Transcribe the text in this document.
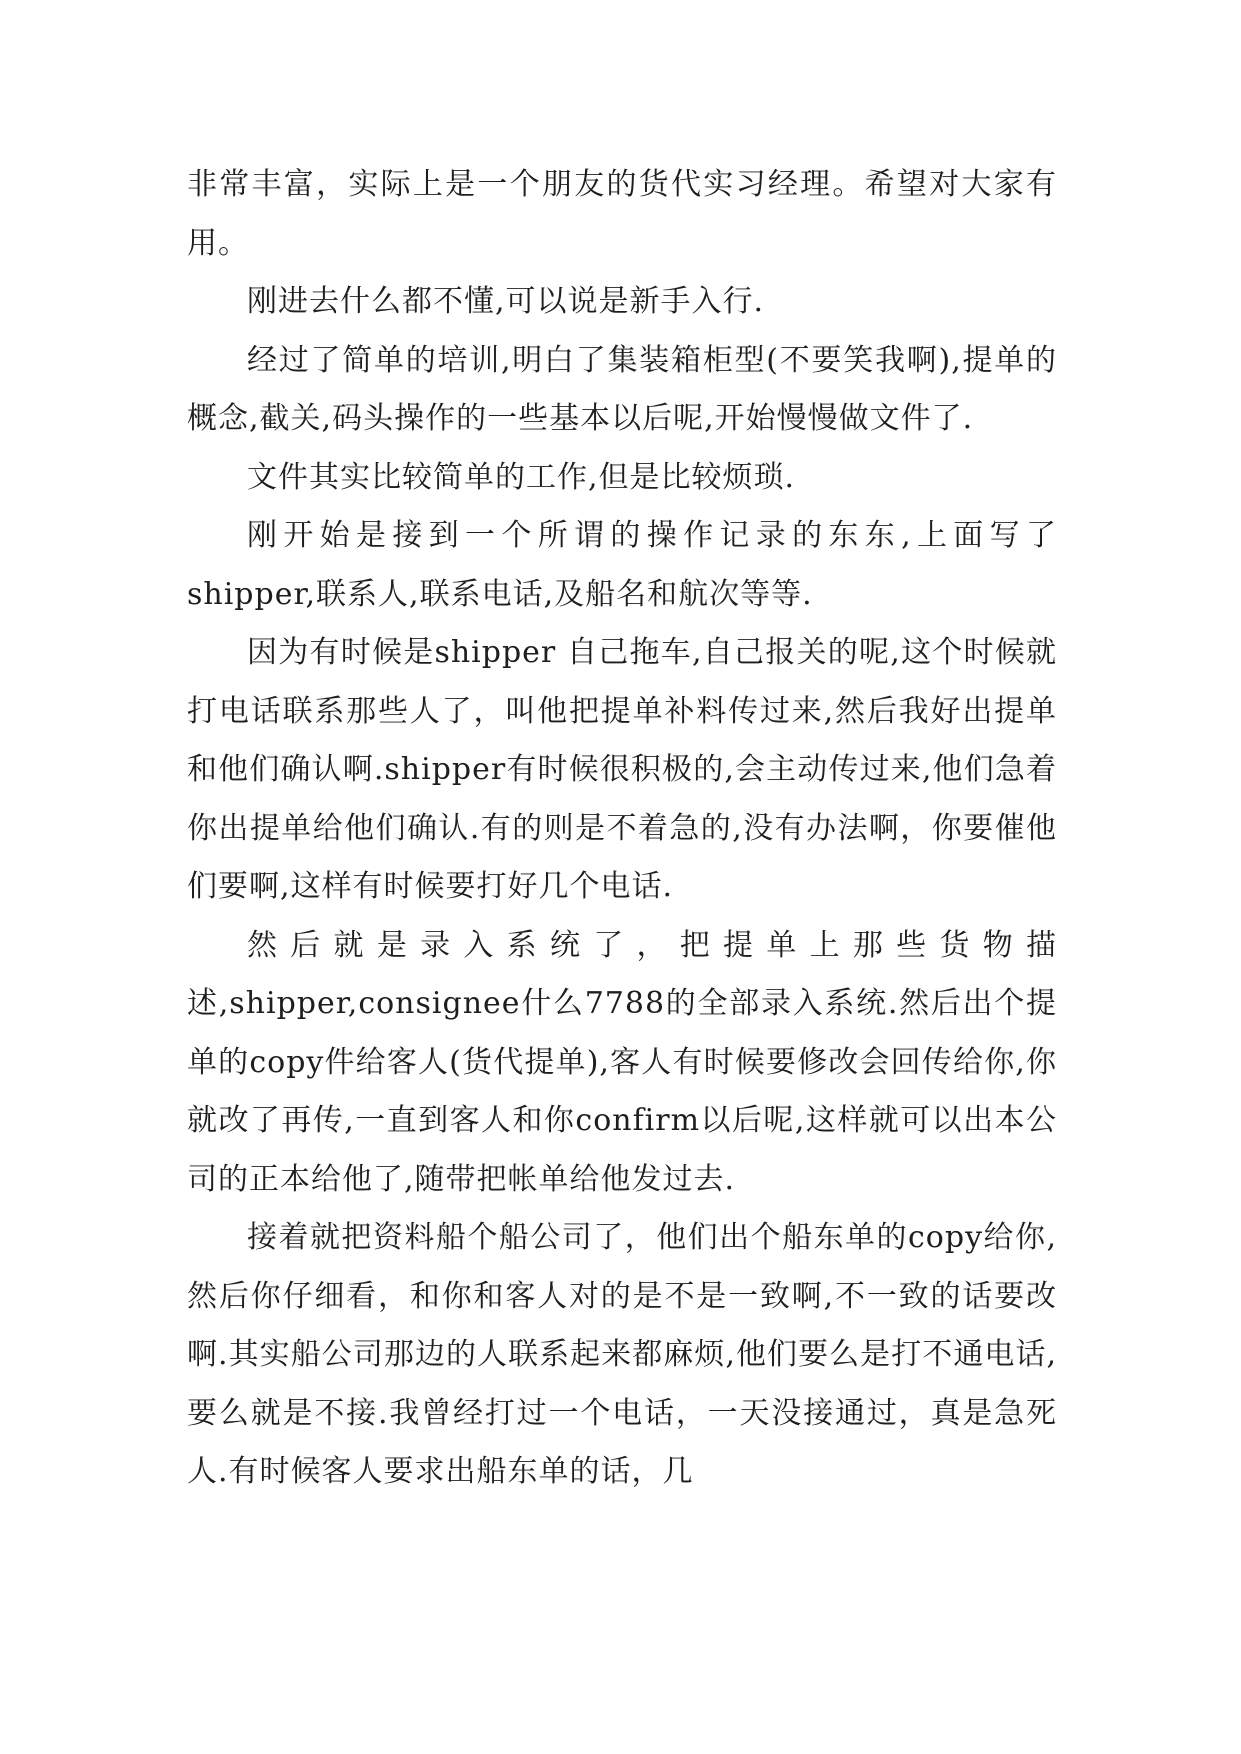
非常丰富，实际上是一个朋友的货代实习经理。希望对大家有用。

刚进去什么都不懂,可以说是新手入行.

经过了简单的培训,明白了集装箱柜型(不要笑我啊),提单的概念,截关,码头操作的一些基本以后呢,开始慢慢做文件了.

文件其实比较简单的工作,但是比较烦琐.

刚开始是接到一个所谓的操作记录的东东,上面写了shipper,联系人,联系电话,及船名和航次等等.

因为有时候是shipper 自己拖车,自己报关的呢,这个时候就打电话联系那些人了，叫他把提单补料传过来,然后我好出提单和他们确认啊.shipper有时候很积极的,会主动传过来,他们急着你出提单给他们确认.有的则是不着急的,没有办法啊，你要催他们要啊,这样有时候要打好几个电话.

然后就是录入系统了，把提单上那些货物描述,shipper,consignee什么7788的全部录入系统.然后出个提单的copy件给客人(货代提单),客人有时候要修改会回传给你,你就改了再传,一直到客人和你confirm以后呢,这样就可以出本公司的正本给他了,随带把帐单给他发过去.

接着就把资料船个船公司了，他们出个船东单的copy给你,然后你仔细看，和你和客人对的是不是一致啊,不一致的话要改啊.其实船公司那边的人联系起来都麻烦,他们要么是打不通电话,要么就是不接.我曾经打过一个电话，一天没接通过，真是急死人.有时候客人要求出船东单的话，几
